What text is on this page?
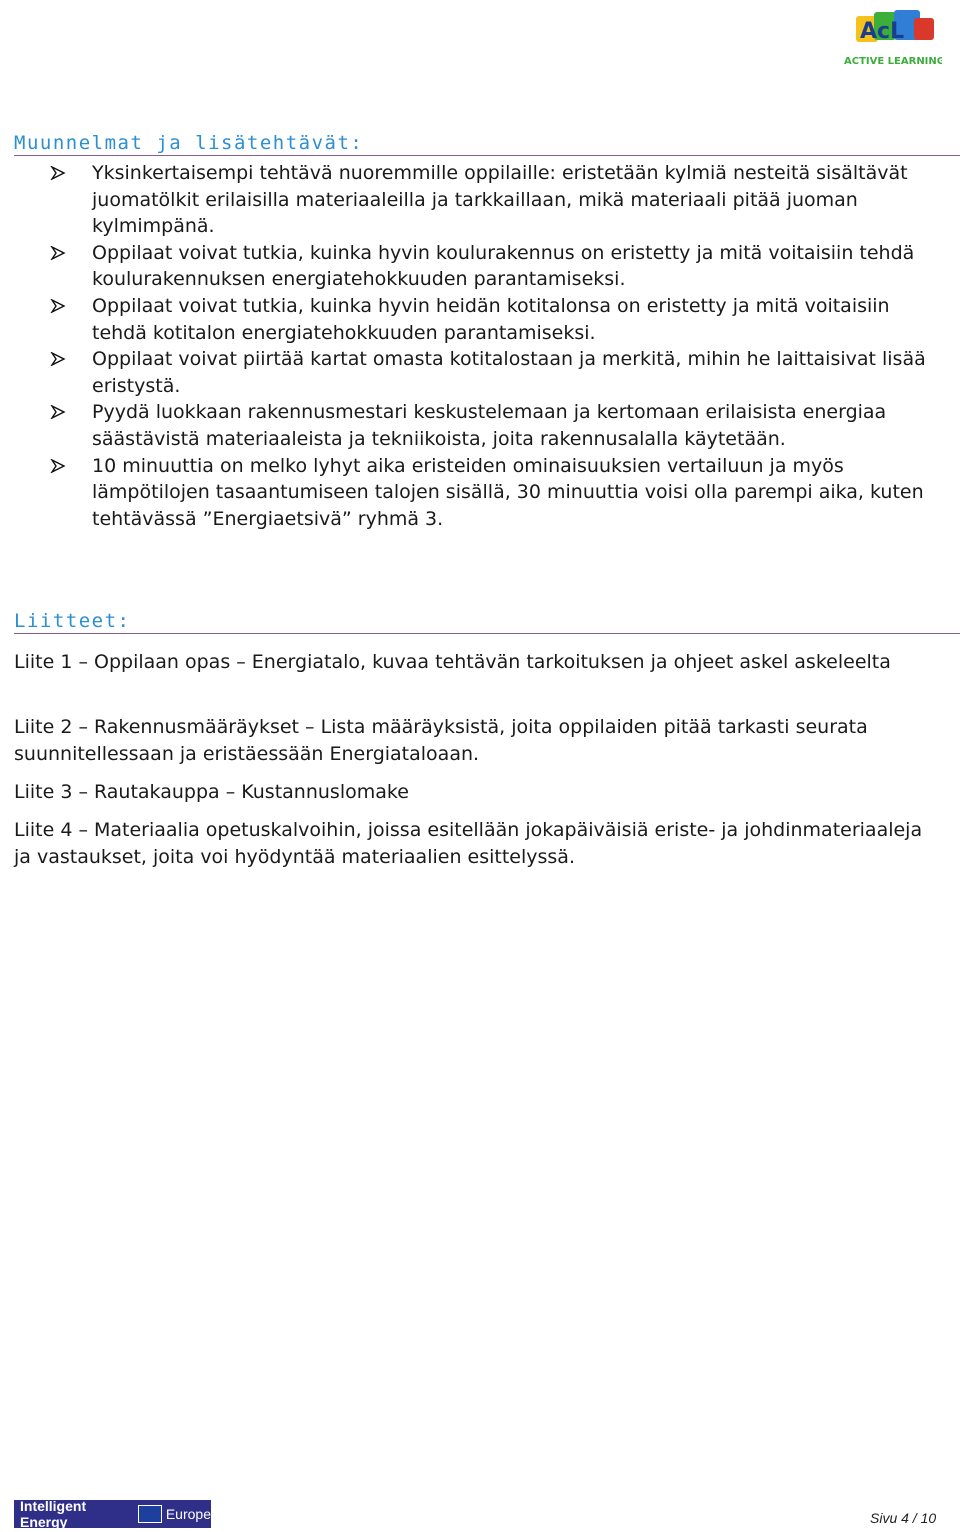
AcL
ACTIVE LEARNING
Muunnelmat ja lisätehtävät:
Yksinkertaisempi tehtävä nuoremmille oppilaille: eristetään kylmiä nesteitä sisältävät juomatölkit erilaisilla materiaaleilla ja tarkkaillaan, mikä materiaali pitää juoman kylmimpänä.
Oppilaat voivat tutkia, kuinka hyvin koulurakennus on eristetty ja mitä voitaisiin tehdä koulurakennuksen energiatehokkuuden parantamiseksi.
Oppilaat voivat tutkia, kuinka hyvin heidän kotitalonsa on eristetty ja mitä voitaisiin tehdä kotitalon energiatehokkuuden parantamiseksi.
Oppilaat voivat piirtää kartat omasta kotitalostaan ja merkitä, mihin he laittaisivat lisää eristystä.
Pyydä luokkaan rakennusmestari keskustelemaan ja kertomaan erilaisista energiaa säästävistä materiaaleista ja tekniikoista, joita rakennusalalla käytetään.
10 minuuttia on melko lyhyt aika eristeiden ominaisuuksien vertailuun ja myös lämpötilojen tasaantumiseen talojen sisällä, 30 minuuttia voisi olla parempi aika, kuten tehtävässä ”Energiaetsivä” ryhmä 3.
Liitteet:

Liite 1 – Oppilaan opas – Energiatalo, kuvaa tehtävän tarkoituksen ja ohjeet askel askeleelta

Liite 2 – Rakennusmääräykset – Lista määräyksistä, joita oppilaiden pitää tarkasti seurata suunnitellessaan ja eristäessään Energiataloaan.

Liite 3 – Rautakauppa – Kustannuslomake

Liite 4 – Materiaalia opetuskalvoihin, joissa esitellään jokapäiväisiä eriste- ja johdinmateriaaleja ja vastaukset, joita voi hyödyntää materiaalien esittelyssä.

Intelligent Energy	Europe	Sivu 4 / 10
